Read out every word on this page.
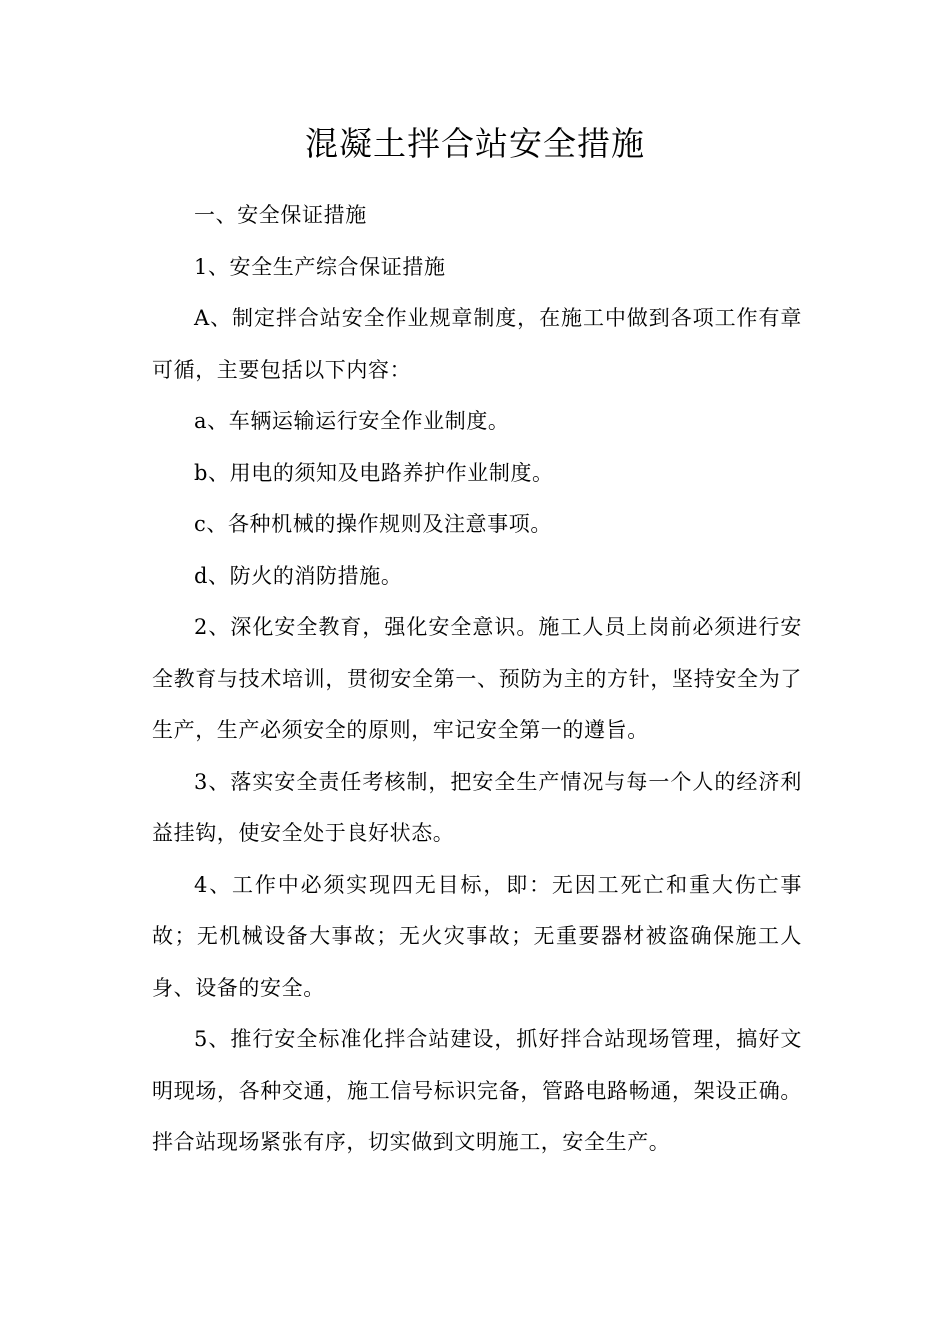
混凝土拌合站安全措施

一、安全保证措施

1、安全生产综合保证措施

A、制定拌合站安全作业规章制度，在施工中做到各项工作有章可循，主要包括以下内容：

a、车辆运输运行安全作业制度。

b、用电的须知及电路养护作业制度。

c、各种机械的操作规则及注意事项。

d、防火的消防措施。

2、深化安全教育，强化安全意识。施工人员上岗前必须进行安全教育与技术培训，贯彻安全第一、预防为主的方针，坚持安全为了生产，生产必须安全的原则，牢记安全第一的遵旨。

3、落实安全责任考核制，把安全生产情况与每一个人的经济利益挂钩，使安全处于良好状态。

4、工作中必须实现四无目标，即：无因工死亡和重大伤亡事故；无机械设备大事故；无火灾事故；无重要器材被盗确保施工人身、设备的安全。

5、推行安全标准化拌合站建设，抓好拌合站现场管理，搞好文明现场，各种交通，施工信号标识完备，管路电路畅通，架设正确。拌合站现场紧张有序，切实做到文明施工，安全生产。
